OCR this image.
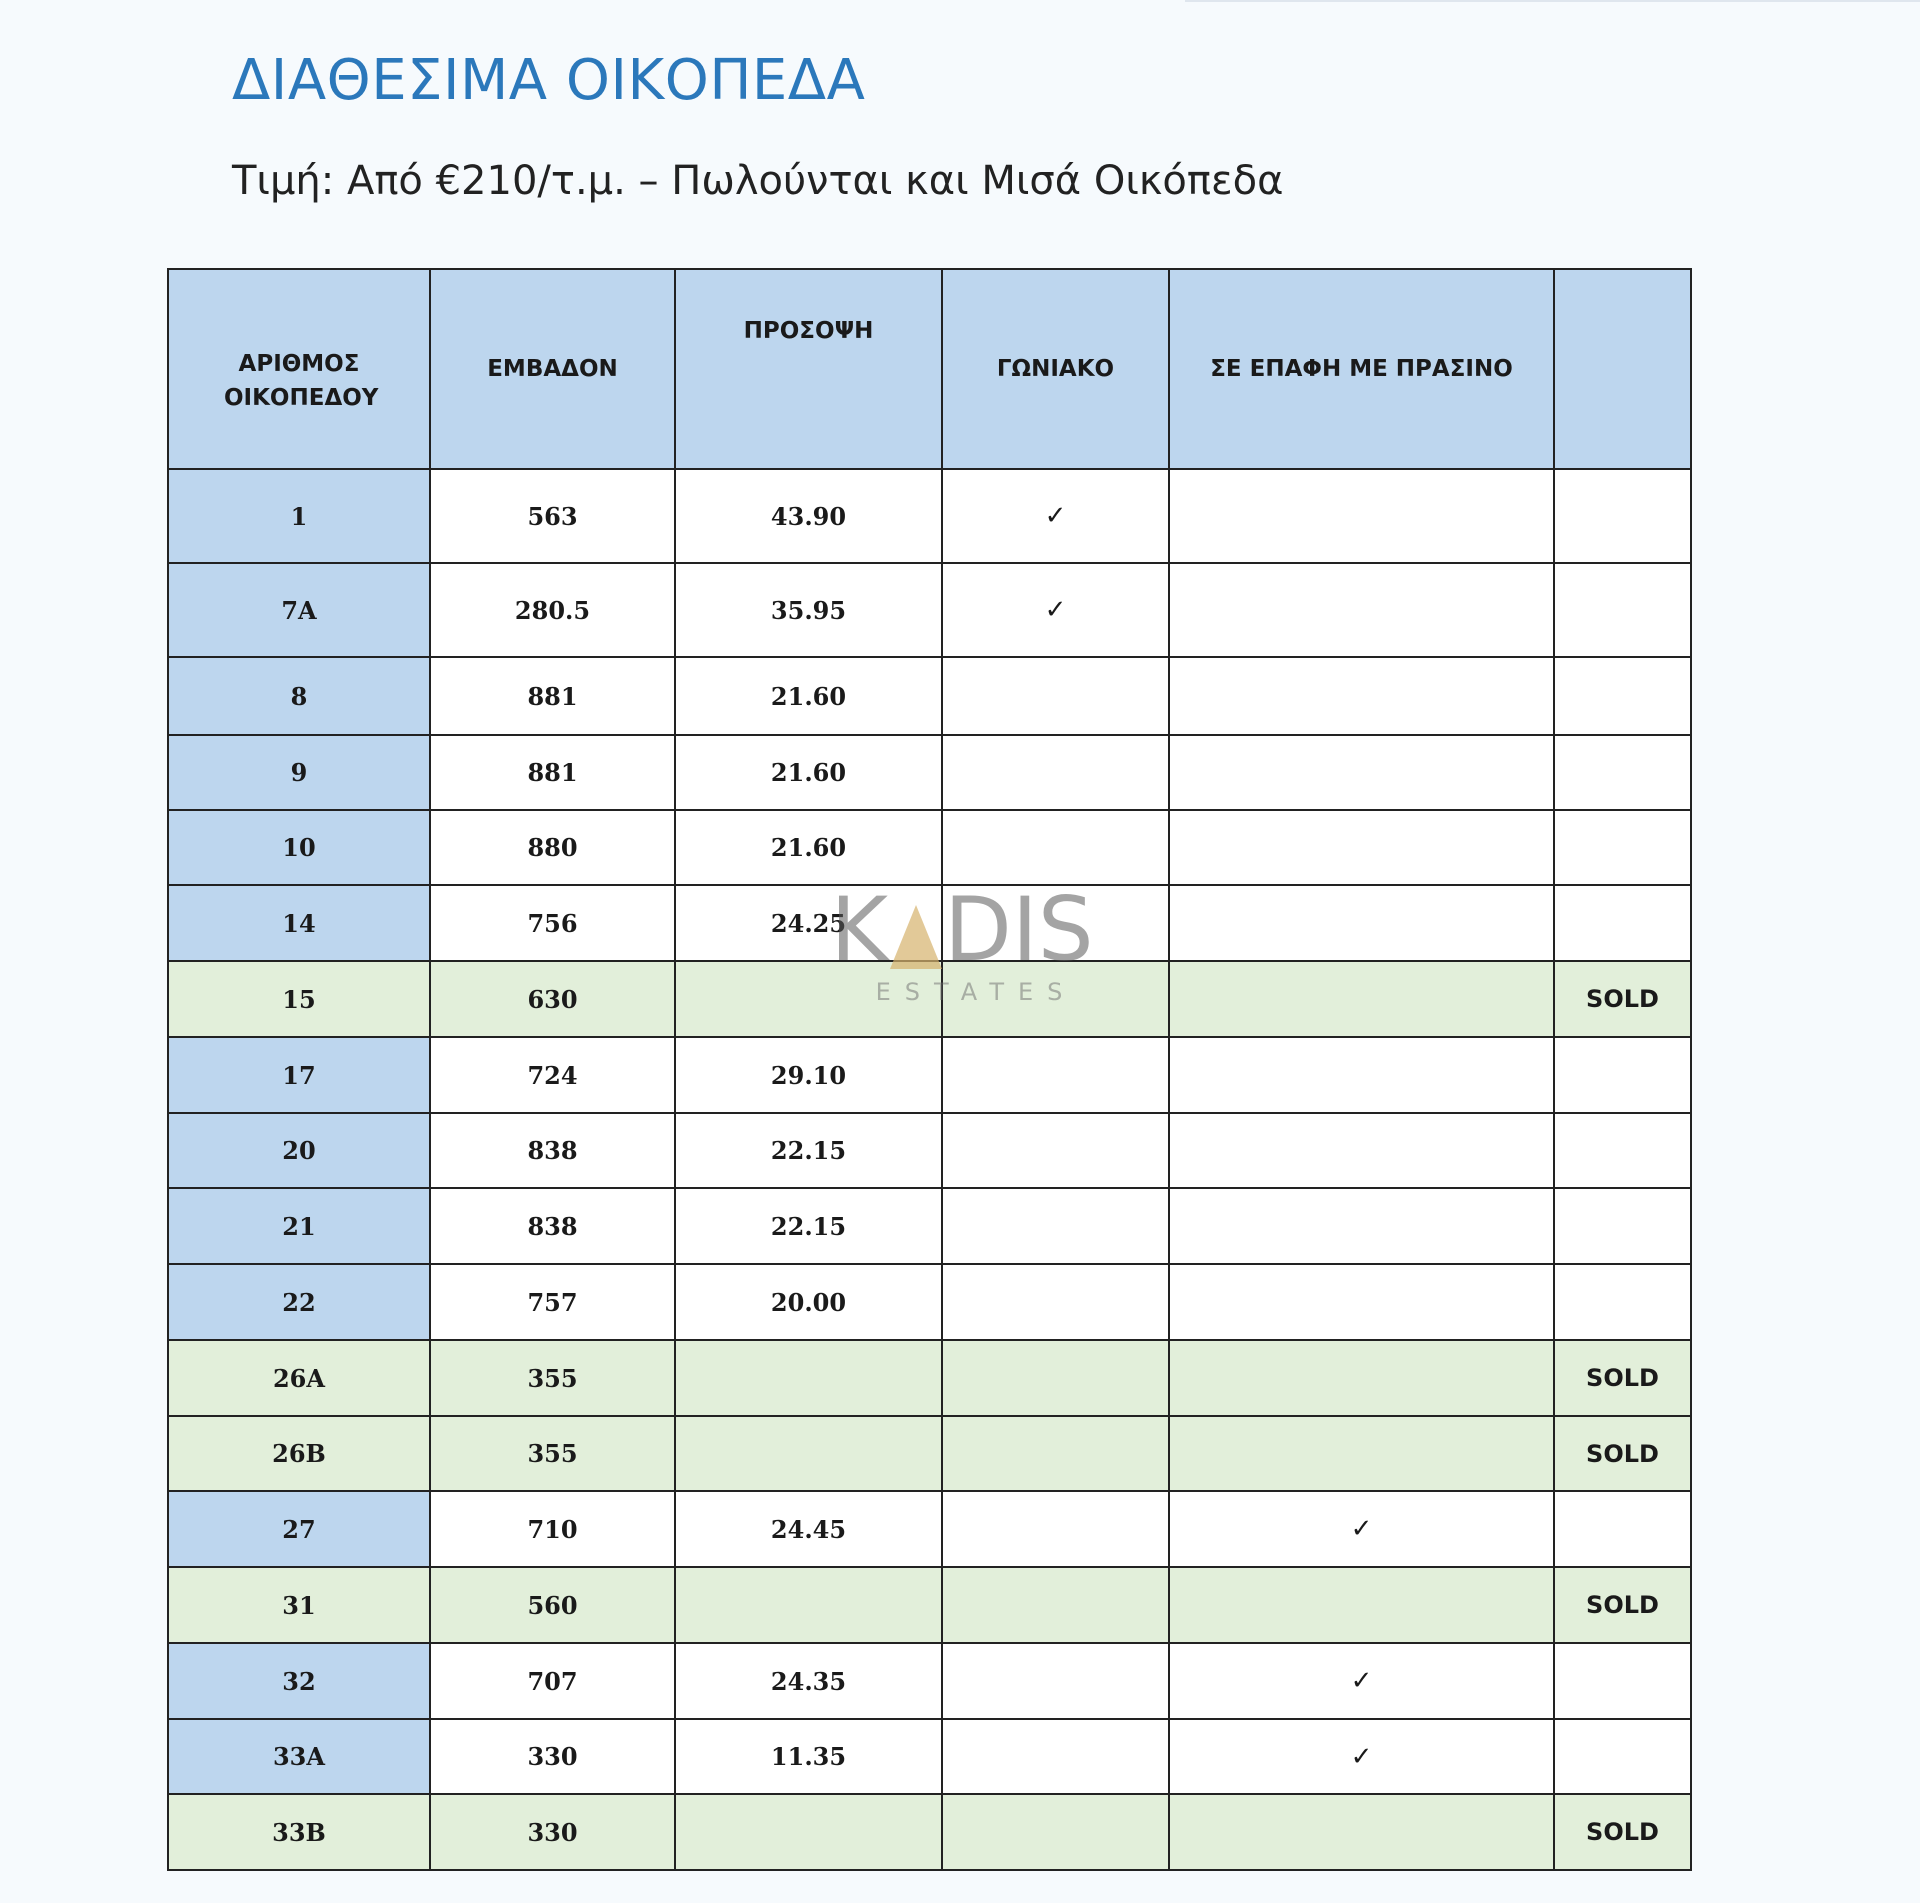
ΔΙΑΘΕΣΙΜΑ ΟΙΚΟΠΕΔΑ
Τιμή: Από €210/τ.μ. – Πωλούνται και Μισά Οικόπεδα
ΑΡΙΘΜΟΣ ΟΙΚΟΠΕΔΟΥ	ΕΜΒΑΔΟΝ	ΠΡΟΣΟΨΗ	ΓΩΝΙΑΚΟ	ΣΕ ΕΠΑΦΗ ΜΕ ΠΡΑΣΙΝΟ	
1	563	43.90	✓		
7A	280.5	35.95	✓		
8	881	21.60			
9	881	21.60			
10	880	21.60			
14	756	24.25			
15	630				SOLD
17	724	29.10			
20	838	22.15			
21	838	22.15			
22	757	20.00			
26A	355				SOLD
26B	355				SOLD
27	710	24.45		✓	
31	560				SOLD
32	707	24.35		✓	
33A	330	11.35		✓	
33B	330				SOLD
K DIS
ESTATES
